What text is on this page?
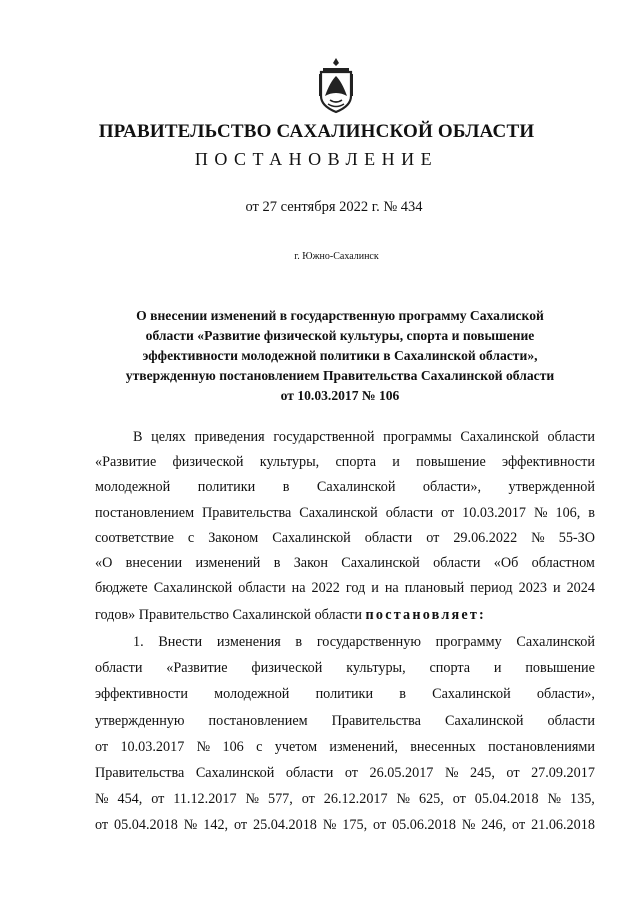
ПРАВИТЕЛЬСТВО САХАЛИНСКОЙ ОБЛАСТИ
ПОСТАНОВЛЕНИЕ
от 27 сентября 2022 г. № 434
г. Южно-Сахалинск
О внесении изменений в государственную программу Сахалиской
области «Развитие физической культуры, спорта и повышение
эффективности молодежной политики в Сахалинской области»,
утвержденную постановлением Правительства Сахалинской области
от 10.03.2017 № 106
В целях приведения государственной программы Сахалинской области
«Развитие физической культуры, спорта и повышение эффективности
молодежной политики в Сахалинской области», утвержденной
постановлением Правительства Сахалинской области от 10.03.2017 № 106, в
соответствие с Законом Сахалинской области от 29.06.2022 № 55-ЗО
«О внесении изменений в Закон Сахалинской области «Об областном
бюджете Сахалинской области на 2022 год и на плановый период 2023 и 2024
годов» Правительство Сахалинской области постановляет:
1. Внести изменения в государственную программу Сахалинской
области «Развитие физической культуры, спорта и повышение
эффективности молодежной политики в Сахалинской области»,
утвержденную постановлением Правительства Сахалинской области
от 10.03.2017 № 106 с учетом изменений, внесенных постановлениями
Правительства Сахалинской области от 26.05.2017 № 245, от 27.09.2017
№ 454, от 11.12.2017 № 577, от 26.12.2017 № 625, от 05.04.2018 № 135,
от 05.04.2018 № 142, от 25.04.2018 № 175, от 05.06.2018 № 246, от 21.06.2018
